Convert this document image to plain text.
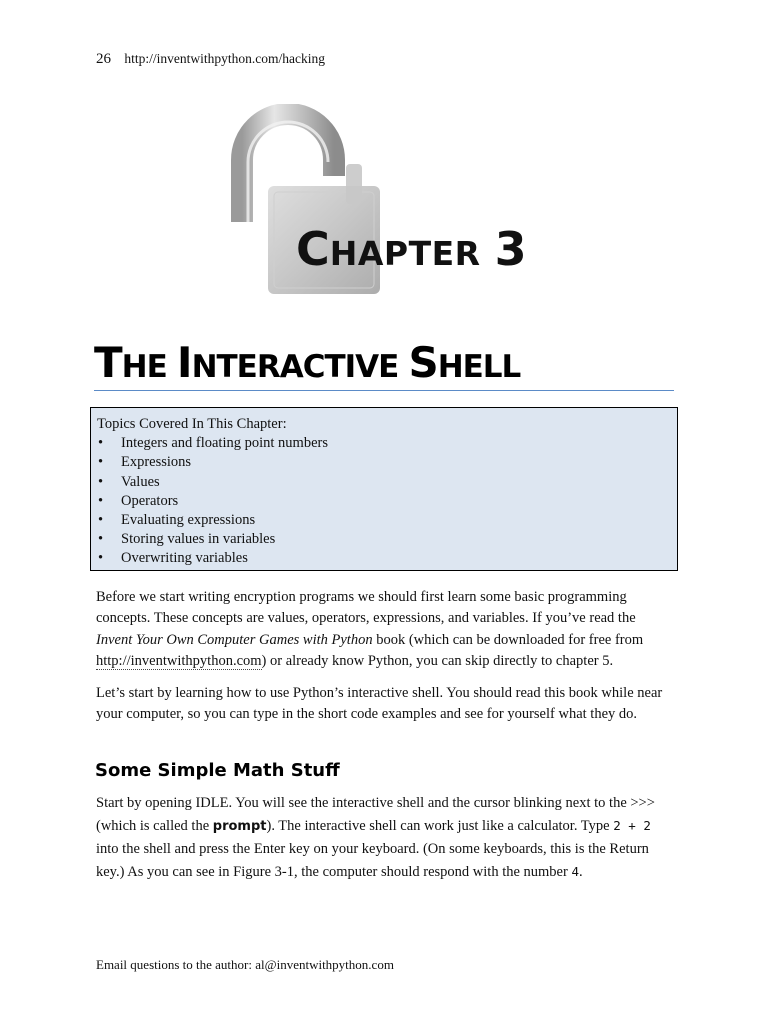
26 http://inventwithpython.com/hacking
CHAPTER 3
THE INTERACTIVE SHELL
Topics Covered In This Chapter:
• Integers and floating point numbers
• Expressions
• Values
• Operators
• Evaluating expressions
• Storing values in variables
• Overwriting variables

Before we start writing encryption programs we should first learn some basic programming concepts. These concepts are values, operators, expressions, and variables. If you’ve read the Invent Your Own Computer Games with Python book (which can be downloaded for free from http://inventwithpython.com) or already know Python, you can skip directly to chapter 5.

Let’s start by learning how to use Python’s interactive shell. You should read this book while near your computer, so you can type in the short code examples and see for yourself what they do.

Some Simple Math Stuff

Start by opening IDLE. You will see the interactive shell and the cursor blinking next to the >>> (which is called the prompt). The interactive shell can work just like a calculator. Type 2 + 2 into the shell and press the Enter key on your keyboard. (On some keyboards, this is the Return key.) As you can see in Figure 3-1, the computer should respond with the number 4.

Email questions to the author: al@inventwithpython.com
